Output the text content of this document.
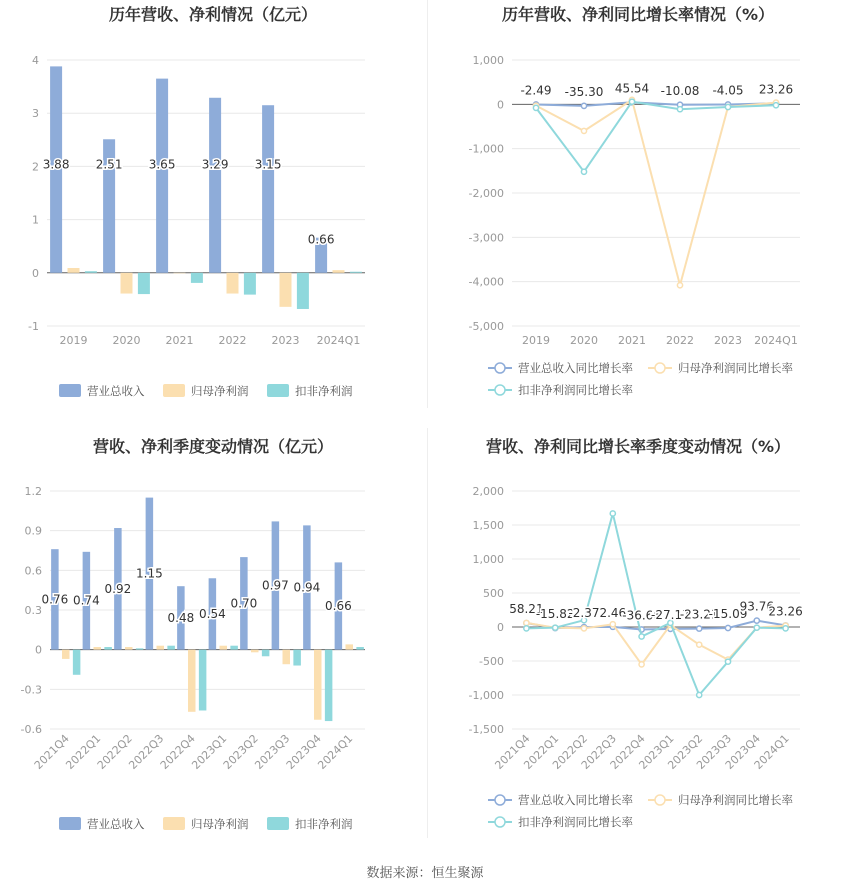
历年营收、净利情况（亿元）
-1
0
1
2
3
4
2019 2020 2021 2022 2023 2024Q1
3.88 2.51 3.65 3.29 3.15
0.66
营业总收入	归母净利润	扣非净利润
历年营收、净利同比增长率情况（%）
-5,000
-4,000
-3,000
-2,000
-1,000
0
1,000
2019 2020 2021 2022 2023 2024Q1
-2.49 -35.30 45.54 -10.08 -4.05 23.26
营业总收入同比增长率	归母净利润同比增长率
扣非净利润同比增长率
营收、净利季度变动情况（亿元）
-0.6
-0.3
0
0.3
0.6
0.9
1.2
2021Q4
2022Q1
2022Q2
2022Q3
2022Q4
2023Q1
2023Q2
2023Q3
2023Q4
2024Q1
0.76 0.74
0.92
1.15
0.48 0.54
0.70
0.97 0.94
0.66
营业总收入	归母净利润	扣非净利润
营收、净利同比增长率季度变动情况（%）
-1,500
-1,000
-500
0
500
1,000
1,500
2,000
2021Q4
2022Q1
2022Q2
2022Q3
2022Q4
2023Q1
2023Q2
2023Q3
2023Q4
2024Q1
58.21
-15.82
-2.37 2.46
-36.66
-27.17
-23.21
-15.09
93.76
23.26
营业总收入同比增长率	归母净利润同比增长率
扣非净利润同比增长率
数据来源：恒生聚源
